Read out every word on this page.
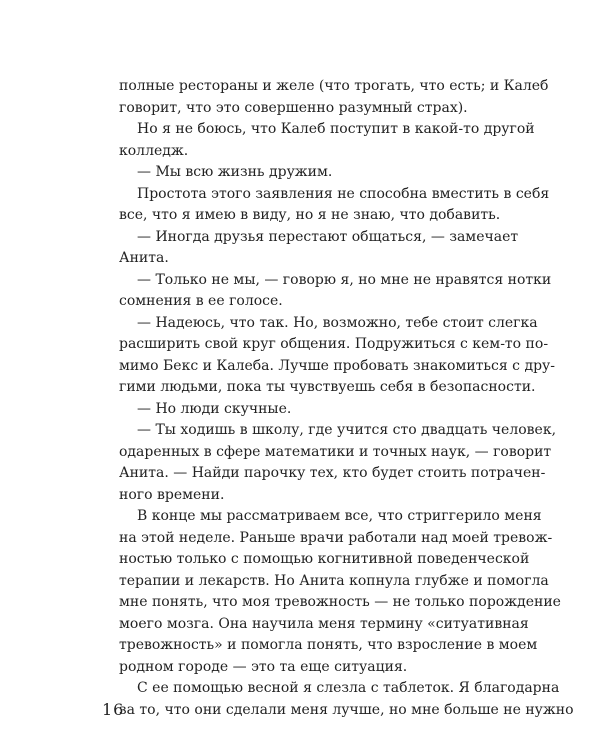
полные рестораны и желе (что трогать, что есть; и Калеб
говорит, что это совершенно разумный страх).
Но я не боюсь, что Калеб поступит в какой-то другой
колледж.
— Мы всю жизнь дружим.
Простота этого заявления не способна вместить в себя
все, что я имею в виду, но я не знаю, что добавить.
— Иногда друзья перестают общаться, — замечает
Анита.
— Только не мы, — говорю я, но мне не нравятся нотки
сомнения в ее голосе.
— Надеюсь, что так. Но, возможно, тебе стоит слегка
расширить свой круг общения. Подружиться с кем-то по-
мимо Бекс и Калеба. Лучше пробовать знакомиться с дру-
гими людьми, пока ты чувствуешь себя в безопасности.
— Но люди скучные.
— Ты ходишь в школу, где учится сто двадцать человек,
одаренных в сфере математики и точных наук, — говорит
Анита. — Найди парочку тех, кто будет стоить потрачен-
ного времени.
В конце мы рассматриваем все, что стриггерило меня
на этой неделе. Раньше врачи работали над моей тревож-
ностью только с помощью когнитивной поведенческой
терапии и лекарств. Но Анита копнула глубже и помогла
мне понять, что моя тревожность — не только порождение
моего мозга. Она научила меня термину «ситуативная
тревожность» и помогла понять, что взросление в моем
родном городе — это та еще ситуация.
С ее помощью весной я слезла с таблеток. Я благодарна
за то, что они сделали меня лучше, но мне больше не нужно
16
